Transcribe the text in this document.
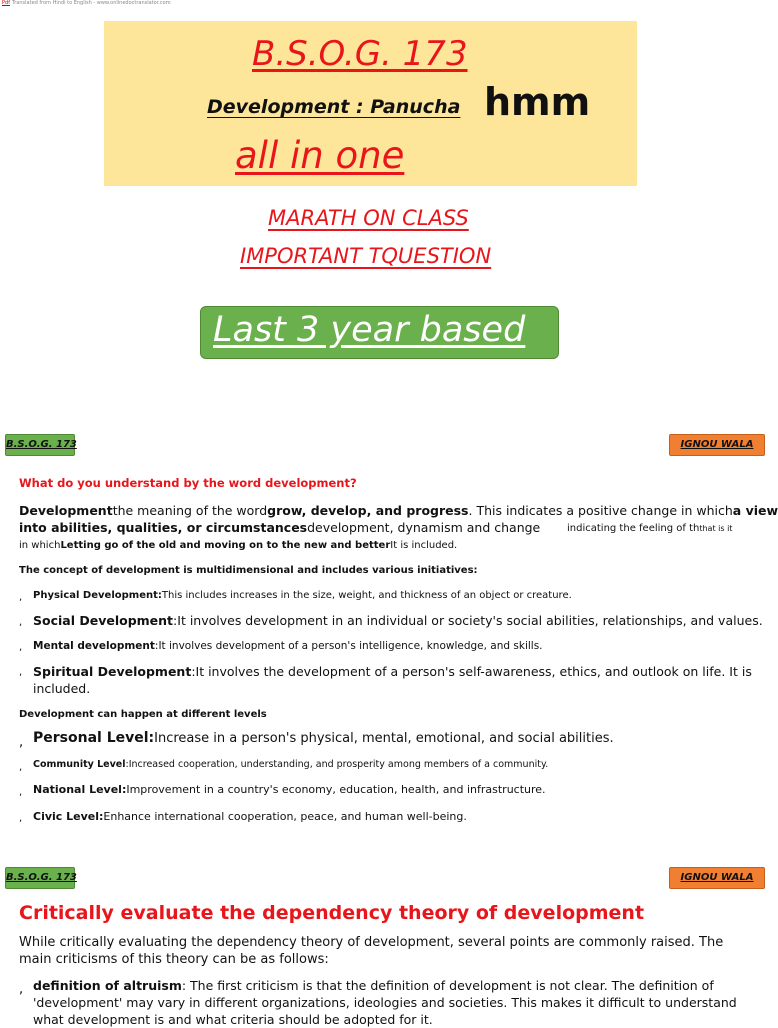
Pdf Translated from Hindi to English - www.onlinedoctranslator.com
B.S.O.G. 173
Development : Panucha hmm
all in one
MARATH ON CLASS
IMPORTANT TQUESTION
Last 3 year based
B.S.O.G. 173	IGNOU WALA
What do you understand by the word development?
Developmentthe meaning of the wordgrow, develop, and progress. This indicates a positive change in whicha view
into abilities, qualities, or circumstancesdevelopment, dynamism and change	indicating the feeling of ththat is it
in whichLetting go of the old and moving on to the new and betterIt is included.
The concept of development is multidimensional and includes various initiatives:
, Physical Development:This includes increases in the size, weight, and thickness of an object or creature.
, Social Development:It involves development in an individual or society's social abilities, relationships, and values.
, Mental development:It involves development of a person's intelligence, knowledge, and skills.
, Spiritual Development:It involves the development of a person's self-awareness, ethics, and outlook on life. It is
included.
Development can happen at different levels
, Personal Level:Increase in a person's physical, mental, emotional, and social abilities.
, Community Level:Increased cooperation, understanding, and prosperity among members of a community.
, National Level:Improvement in a country's economy, education, health, and infrastructure.
, Civic Level:Enhance international cooperation, peace, and human well-being.
B.S.O.G. 173	IGNOU WALA
Critically evaluate the dependency theory of development
While critically evaluating the dependency theory of development, several points are commonly raised. The
main criticisms of this theory can be as follows:
, definition of altruism: The first criticism is that the definition of development is not clear. The definition of
'development' may vary in different organizations, ideologies and societies. This makes it difficult to understand
what development is and what criteria should be adopted for it.
